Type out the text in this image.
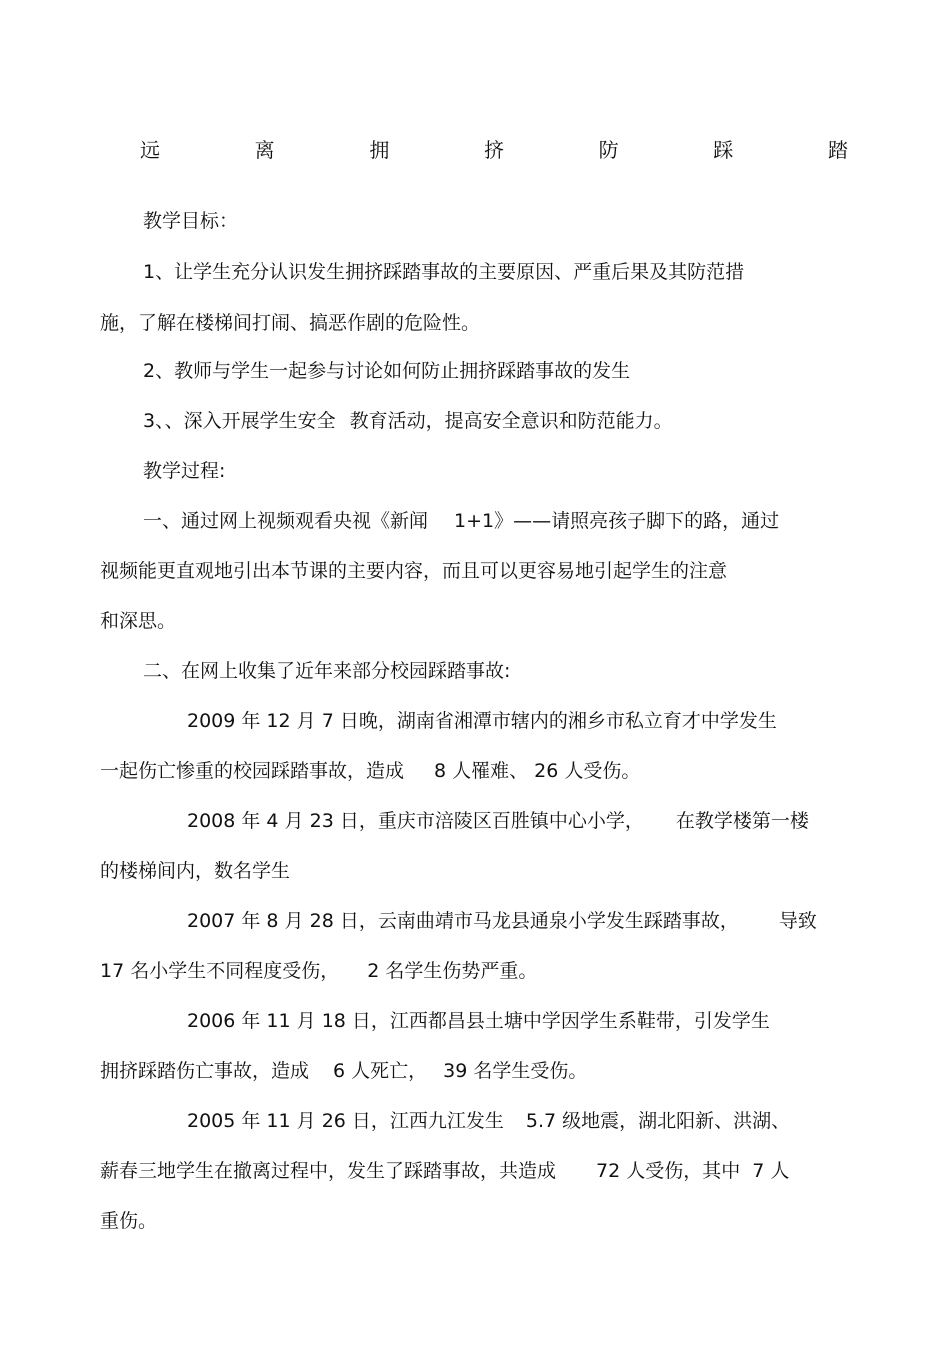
远	离	拥	挤	防	踩	踏
教学目标：
1、让学生充分认识发生拥挤踩踏事故的主要原因、严重后果及其防范措
施，了解在楼梯间打闹、搞恶作剧的危险性。
2、教师与学生一起参与讨论如何防止拥挤踩踏事故的发生
3、、深入开展学生安全 教育活动，提高安全意识和防范能力。
教学过程:
一、通过网上视频观看央视《新闻 1+1》——请照亮孩子脚下的路，通过
视频能更直观地引出本节课的主要内容，而且可以更容易地引起学生的注意
和深思。
二、在网上收集了近年来部分校园踩踏事故:
2009 年 12 月 7 日晚，湖南省湘潭市辖内的湘乡市私立育才中学发生
一起伤亡惨重的校园踩踏事故，造成 8 人罹难、 26 人受伤。
2008 年 4 月 23 日，重庆市涪陵区百胜镇中心小学， 在教学楼第一楼
的楼梯间内，数名学生
2007 年 8 月 28 日，云南曲靖市马龙县通泉小学发生踩踏事故， 导致
17 名小学生不同程度受伤， 2 名学生伤势严重。
2006 年 11 月 18 日，江西都昌县土塘中学因学生系鞋带，引发学生
拥挤踩踏伤亡事故，造成 6 人死亡， 39 名学生受伤。
2005 年 11 月 26 日，江西九江发生 5.7 级地震，湖北阳新、洪湖、
薪春三地学生在撤离过程中，发生了踩踏事故，共造成 72 人受伤，其中 7 人
重伤。
